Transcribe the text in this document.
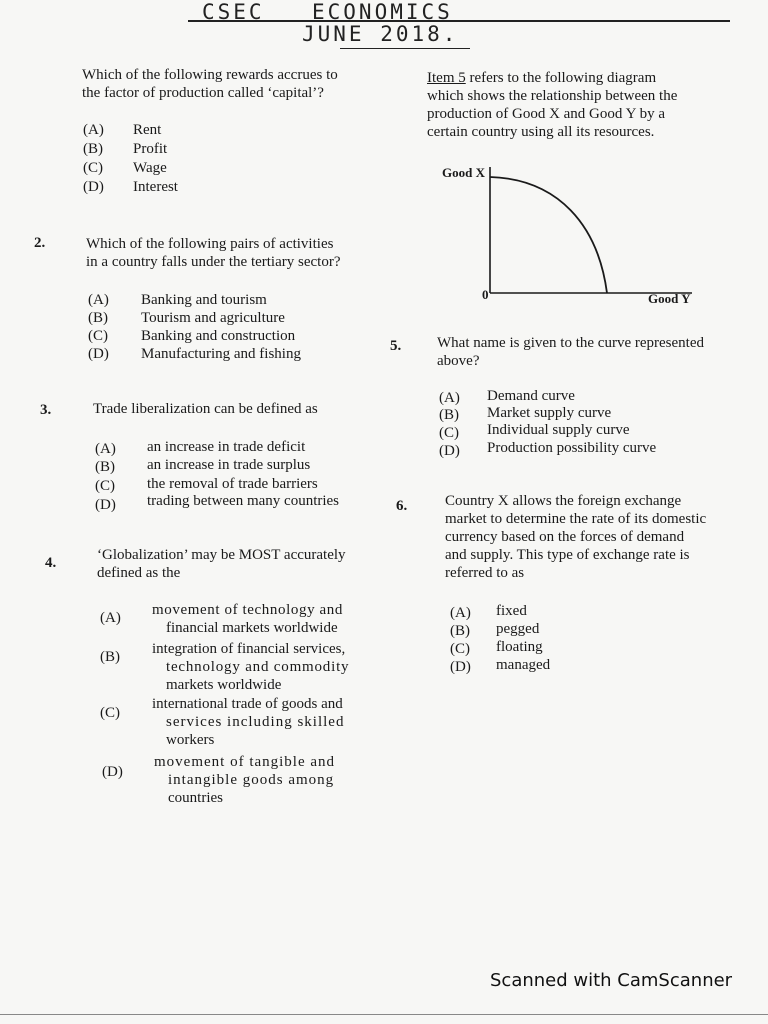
CSEC ECONOMICS
JUNE 2018.
Which of the following rewards accrues to
the factor of production called ‘capital’?
(A) Rent
(B) Profit
(C) Wage
(D) Interest
2.	Which of the following pairs of activities
in a country falls under the tertiary sector?
(A) Banking and tourism
(B) Tourism and agriculture
(C) Banking and construction
(D) Manufacturing and fishing
3.	Trade liberalization can be defined as
(A) an increase in trade deficit
(B) an increase in trade surplus
(C) the removal of trade barriers
(D) trading between many countries
4.	‘Globalization’ may be MOST accurately
defined as the
(A) movement of technology and
financial markets worldwide
(B) integration of financial services,
technology and commodity
markets worldwide
(C)
international trade of goods and
services including skilled
workers
(D)
movement of tangible and
intangible goods among
countries
Item 5 refers to the following diagram
which shows the relationship between the
production of Good X and Good Y by a
certain country using all its resources.
Good X
0	Good Y
5. What name is given to the curve represented
above?
(A) Demand curve
(B) Market supply curve
(C) Individual supply curve
(D) Production possibility curve
6.	Country X allows the foreign exchange
market to determine the rate of its domestic
currency based on the forces of demand
and supply. This type of exchange rate is
referred to as
(A) fixed
(B) pegged
(C) floating
(D) managed
Scanned with CamScanner
